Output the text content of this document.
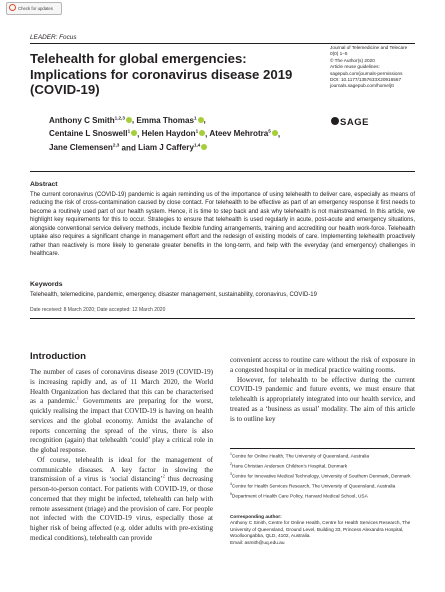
Check for updates
LEADER: Focus
Telehealth for global emergencies: Implications for coronavirus disease 2019 (COVID-19)
Journal of Telemedicine and Telecare
0(0) 1–5
© The Author(s) 2020
Article reuse guidelines:
sagepub.com/journals-permissions
DOI: 10.1177/1357633X20916567
journals.sagepub.com/home/jtt
SAGE
Anthony C Smith$^{1,2,3}$ , Emma Thomas$^1$ ,
Centaine L Snoswell$^1$ , Helen Haydon$^1$ , Ateev Mehrotra$^5$ ,
Jane Clemensen$^{2,3}$ and Liam J Caffery$^{1,4}$
Abstract
The current coronavirus (COVID-19) pandemic is again reminding us of the importance of using telehealth to deliver care, especially as means of reducing the risk of cross-contamination caused by close contact. For telehealth to be effective as part of an emergency response it first needs to become a routinely used part of our health system. Hence, it is time to step back and ask why telehealth is not mainstreamed. In this article, we highlight key requirements for this to occur. Strategies to ensure that telehealth is used regularly in acute, post-acute and emergency situations, alongside conventional service delivery methods, include flexible funding arrangements, training and accrediting our health work-force. Telehealth uptake also requires a significant change in management effort and the redesign of existing models of care. Implementing telehealth proactively rather than reactively is more likely to generate greater benefits in the long-term, and help with the everyday (and emergency) challenges in healthcare.
Keywords
Telehealth, telemedicine, pandemic, emergency, disaster management, sustainability, coronavirus, COVID-19
Date received: 8 March 2020; Date accepted: 12 March 2020
Introduction

The number of cases of coronavirus disease 2019 (COVID-19) is increasing rapidly and, as of 11 March 2020, the World Health Organization has declared that this can be characterised as a pandemic.$^1$ Governments are preparing for the worst, quickly realising the impact that COVID-19 is having on health services and the global economy. Amidst the avalanche of reports concerning the spread of the virus, there is also recognition (again) that telehealth ‘could’ play a critical role in the global response.

Of course, telehealth is ideal for the management of communicable diseases. A key factor in slowing the transmission of a virus is ‘social distancing’$^2$ thus decreasing person-to-person contact. For patients with COVID-19, or those concerned that they might be infected, telehealth can help with remote assessment (triage) and the provision of care. For people not infected with the COVID-19 virus, especially those at higher risk of being affected (e.g. older adults with pre-existing medical conditions), telehealth can provide

convenient access to routine care without the risk of exposure in a congested hospital or in medical practice waiting rooms.

However, for telehealth to be effective during the current COVID-19 pandemic and future events, we must ensure that telehealth is appropriately integrated into our health service, and treated as a ‘business as usual’ modality. The aim of this article is to outline key

$^1$Centre for Online Health, The University of Queensland, Australia

$^2$Hans Christian Andersen Children’s Hospital, Denmark

$^3$Centre for Innovative Medical Technology, University of Southern Denmark, Denmark

$^4$Centre for Health Services Research, The University of Queensland, Australia

$^5$Department of Health Care Policy, Harvard Medical School, USA

Corresponding author:
Anthony C Smith, Centre for Online Health, Centre for Health Services Research, The University of Queensland, Ground Level, Building 33, Princess Alexandra Hospital, Woolloongabba, QLD, 4102, Australia.
Email: asmith@uq.edu.au
